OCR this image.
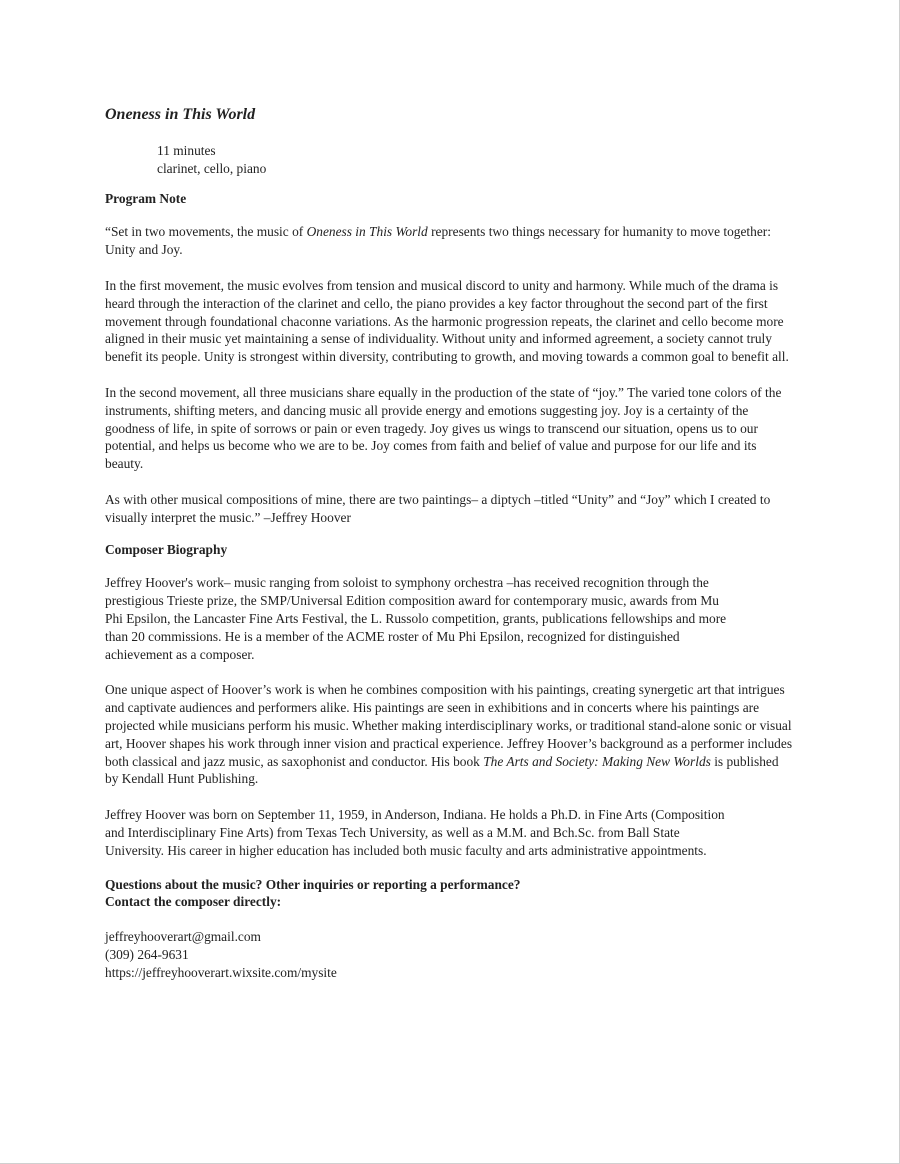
Oneness in This World
11 minutes
clarinet, cello, piano
Program Note

“Set in two movements, the music of Oneness in This World represents two things necessary for humanity to move together: Unity and Joy.

In the first movement, the music evolves from tension and musical discord to unity and harmony. While much of the drama is heard through the interaction of the clarinet and cello, the piano provides a key factor throughout the second part of the first movement through foundational chaconne variations. As the harmonic progression repeats, the clarinet and cello become more aligned in their music yet maintaining a sense of individuality. Without unity and informed agreement, a society cannot truly benefit its people. Unity is strongest within diversity, contributing to growth, and moving towards a common goal to benefit all.

In the second movement, all three musicians share equally in the production of the state of “joy.” The varied tone colors of the instruments, shifting meters, and dancing music all provide energy and emotions suggesting joy. Joy is a certainty of the goodness of life, in spite of sorrows or pain or even tragedy. Joy gives us wings to transcend our situation, opens us to our potential, and helps us become who we are to be. Joy comes from faith and belief of value and purpose for our life and its beauty.

As with other musical compositions of mine, there are two paintings– a diptych –titled “Unity” and “Joy” which I created to visually interpret the music.” –Jeffrey Hoover

Composer Biography

Jeffrey Hoover's work– music ranging from soloist to symphony orchestra –has received recognition through the prestigious Trieste prize, the SMP/Universal Edition composition award for contemporary music, awards from Mu Phi Epsilon, the Lancaster Fine Arts Festival, the L. Russolo competition, grants, publications fellowships and more than 20 commissions. He is a member of the ACME roster of Mu Phi Epsilon, recognized for distinguished achievement as a composer.

One unique aspect of Hoover’s work is when he combines composition with his paintings, creating synergetic art that intrigues and captivate audiences and performers alike. His paintings are seen in exhibitions and in concerts where his paintings are projected while musicians perform his music. Whether making interdisciplinary works, or traditional stand-alone sonic or visual art, Hoover shapes his work through inner vision and practical experience. Jeffrey Hoover’s background as a performer includes both classical and jazz music, as saxophonist and conductor. His book The Arts and Society: Making New Worlds is published by Kendall Hunt Publishing.

Jeffrey Hoover was born on September 11, 1959, in Anderson, Indiana. He holds a Ph.D. in Fine Arts (Composition and Interdisciplinary Fine Arts) from Texas Tech University, as well as a M.M. and Bch.Sc. from Ball State University. His career in higher education has included both music faculty and arts administrative appointments.

Questions about the music? Other inquiries or reporting a performance?
Contact the composer directly:
jeffreyhooverart@gmail.com
(309) 264-9631
https://jeffreyhooverart.wixsite.com/mysite
